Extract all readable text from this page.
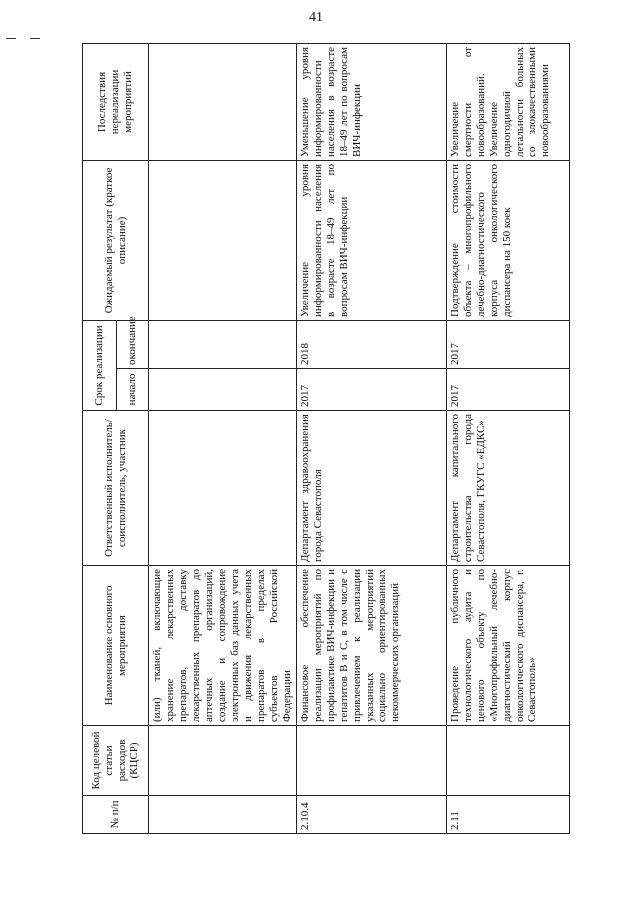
41
№ п/п	Код целевой статьи расходов (КЦСР)	Наименование основного мероприятия	Ответственный исполнитель/соисполнитель, участник	Срок реализации		Ожидаемый результат (краткое описание)	Последствия нереализации мероприятий
				начало	окончание		
		(или) тканей, включающие хранение лекарственных препаратов, доставку лекарственных препаратов до аптечных организаций, создание и сопровождение электронных баз данных учета и движения лекарственных препаратов в пределах субъектов Российской Федерации					
2.10.4		Финансовое обеспечение реализации мероприятий по профилактике ВИЧ-инфекции и гепатитов B и C, в том числе с привлечением к реализации указанных мероприятий социально ориентированных некоммерческих организаций	Департамент здравоохранения города Севастополя	2017	2018	Увеличение уровня информированности населения в возрасте 18–49 лет по вопросам ВИЧ-инфекции	Уменьшение уровня информированности населения в возрасте 18–49 лет по вопросам ВИЧ-инфекции
2.11		Проведение публичного технологического аудита и ценового объекту по «Многопрофильный лечебно-диагностический корпус онкологического диспансера, г. Севастополь»	Департамент капитального строительства города Севастополя, ГКУГС «ЕДКС»	2017	2017	Подтверждение стоимости объекта – многопрофильного лечебно-диагностического корпуса онкологического диспансера на 150 коек	Увеличение смертности от новообразований. Увеличение одногодичной летальности больных со злокачественными новообразованиями
